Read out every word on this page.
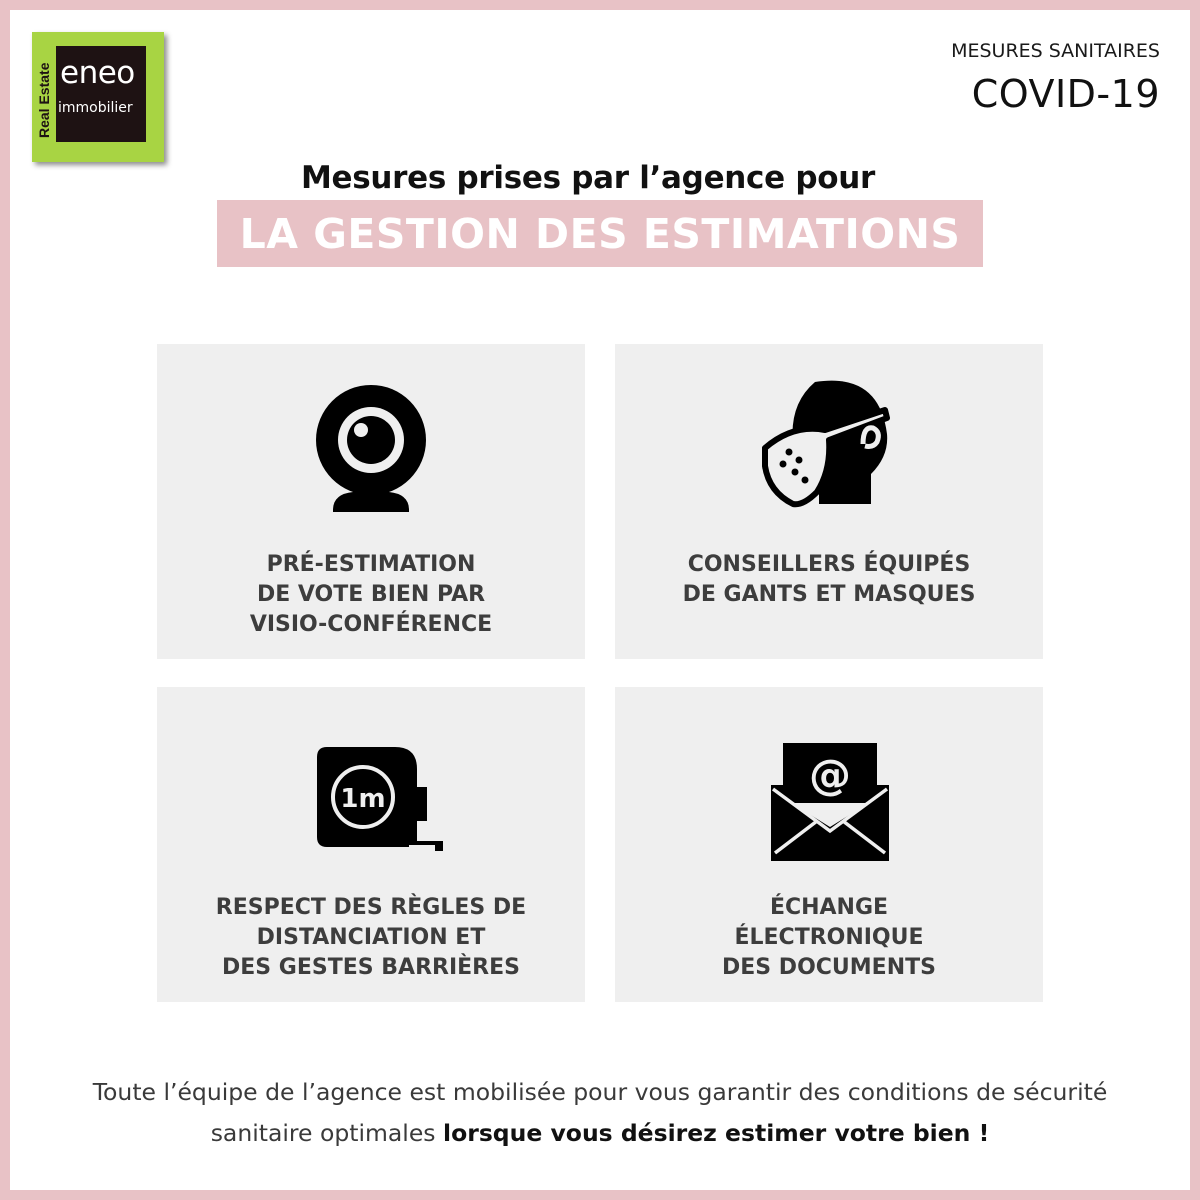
eneo
immobilier
Real Estate
MESURES SANITAIRES
COVID-19
Mesures prises par l’agence pour
LA GESTION DES ESTIMATIONS
PRÉ-ESTIMATION
DE VOTE BIEN PAR
VISIO-CONFÉRENCE
CONSEILLERS ÉQUIPÉS
DE GANTS ET MASQUES
1m
RESPECT DES RÈGLES DE
DISTANCIATION ET
DES GESTES BARRIÈRES
@
ÉCHANGE
ÉLECTRONIQUE
DES DOCUMENTS
Toute l’équipe de l’agence est mobilisée pour vous garantir des conditions de sécurité sanitaire optimales lorsque vous désirez estimer votre bien !
